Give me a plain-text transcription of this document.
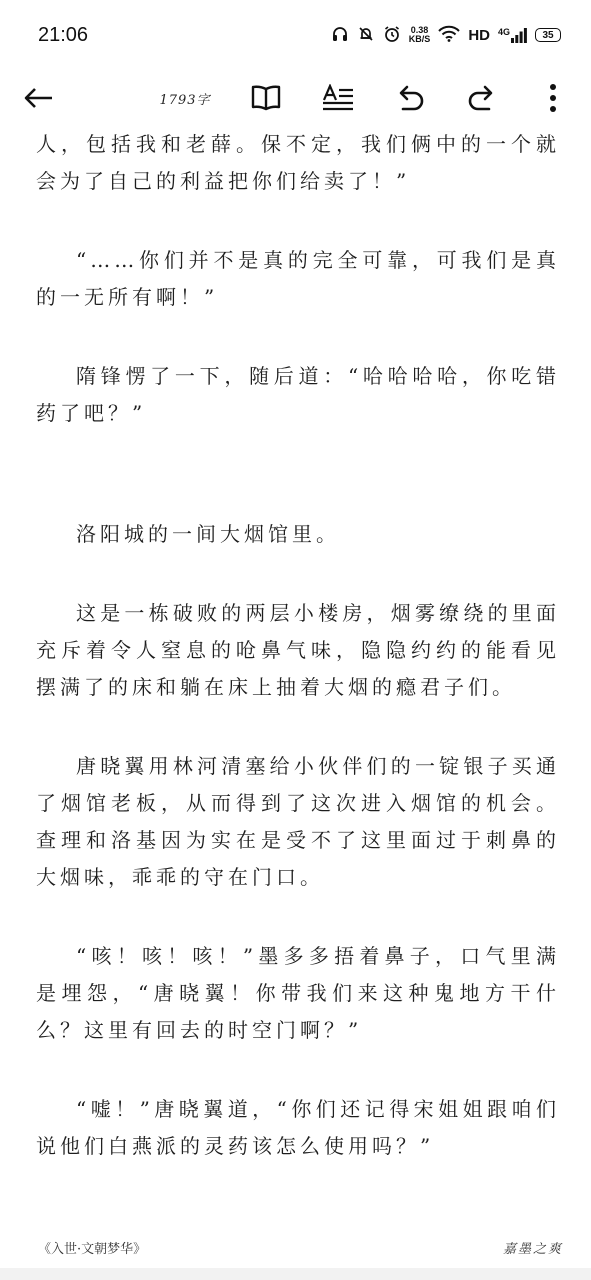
21:06	0.38
KB/S	HD 4G	35
1793字

人，包括我和老薛。保不定，我们俩中的一个就会为了自己的利益把你们给卖了！”

“……你们并不是真的完全可靠，可我们是真的一无所有啊！”

隋锋愣了一下，随后道：“哈哈哈哈，你吃错药了吧？”

洛阳城的一间大烟馆里。

这是一栋破败的两层小楼房，烟雾缭绕的里面充斥着令人窒息的呛鼻气味，隐隐约约的能看见摆满了的床和躺在床上抽着大烟的瘾君子们。

唐晓翼用林河清塞给小伙伴们的一锭银子买通了烟馆老板，从而得到了这次进入烟馆的机会。查理和洛基因为实在是受不了这里面过于刺鼻的大烟味，乖乖的守在门口。

“咳！咳！咳！”墨多多捂着鼻子，口气里满是埋怨，“唐晓翼！你带我们来这种鬼地方干什么？这里有回去的时空门啊？”

“嘘！”唐晓翼道，“你们还记得宋姐姐跟咱们说他们白燕派的灵药该怎么使用吗？”

《入世·文朝梦华》	嘉墨之爽
